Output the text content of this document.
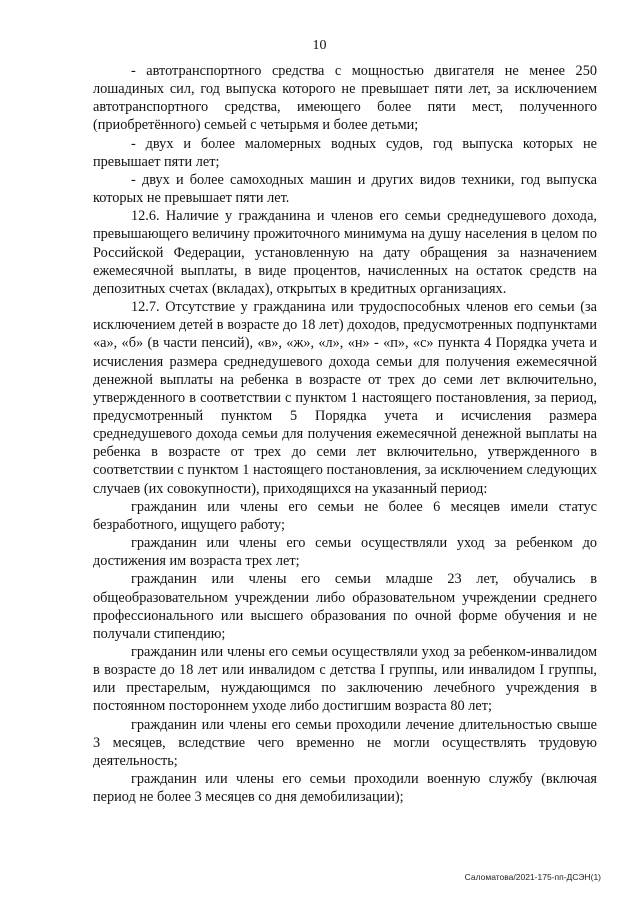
10

- автотранспортного средства с мощностью двигателя не менее 250 лошадиных сил, год выпуска которого не превышает пяти лет, за исключением автотранспортного средства, имеющего более пяти мест, полученного (приобретённого) семьей с четырьмя и более детьми;

- двух и более маломерных водных судов, год выпуска которых не превышает пяти лет;

- двух и более самоходных машин и других видов техники, год выпуска которых не превышает пяти лет.

12.6. Наличие у гражданина и членов его семьи среднедушевого дохода, превышающего величину прожиточного минимума на душу населения в целом по Российской Федерации, установленную на дату обращения за назначением ежемесячной выплаты, в виде процентов, начисленных на остаток средств на депозитных счетах (вкладах), открытых в кредитных организациях.

12.7. Отсутствие у гражданина или трудоспособных членов его семьи (за исключением детей в возрасте до 18 лет) доходов, предусмотренных подпунктами «а», «б» (в части пенсий), «в», «ж», «л», «н» - «п», «с» пункта 4 Порядка учета и исчисления размера среднедушевого дохода семьи для получения ежемесячной денежной выплаты на ребенка в возрасте от трех до семи лет включительно, утвержденного в соответствии с пунктом 1 настоящего постановления, за период, предусмотренный пунктом 5 Порядка учета и исчисления размера среднедушевого дохода семьи для получения ежемесячной денежной выплаты на ребенка в возрасте от трех до семи лет включительно, утвержденного в соответствии с пунктом 1 настоящего постановления, за исключением следующих случаев (их совокупности), приходящихся на указанный период:

гражданин или члены его семьи не более 6 месяцев имели статус безработного, ищущего работу;

гражданин или члены его семьи осуществляли уход за ребенком до достижения им возраста трех лет;

гражданин или члены его семьи младше 23 лет, обучались в общеобразовательном учреждении либо образовательном учреждении среднего профессионального или высшего образования по очной форме обучения и не получали стипендию;

гражданин или члены его семьи осуществляли уход за ребенком-инвалидом в возрасте до 18 лет или инвалидом с детства I группы, или инвалидом I группы, или престарелым, нуждающимся по заключению лечебного учреждения в постоянном постороннем уходе либо достигшим возраста 80 лет;

гражданин или члены его семьи проходили лечение длительностью свыше 3 месяцев, вследствие чего временно не могли осуществлять трудовую деятельность;

гражданин или члены его семьи проходили военную службу (включая период не более 3 месяцев со дня демобилизации);

Саломатова/2021-175-пп-ДСЭН(1)
